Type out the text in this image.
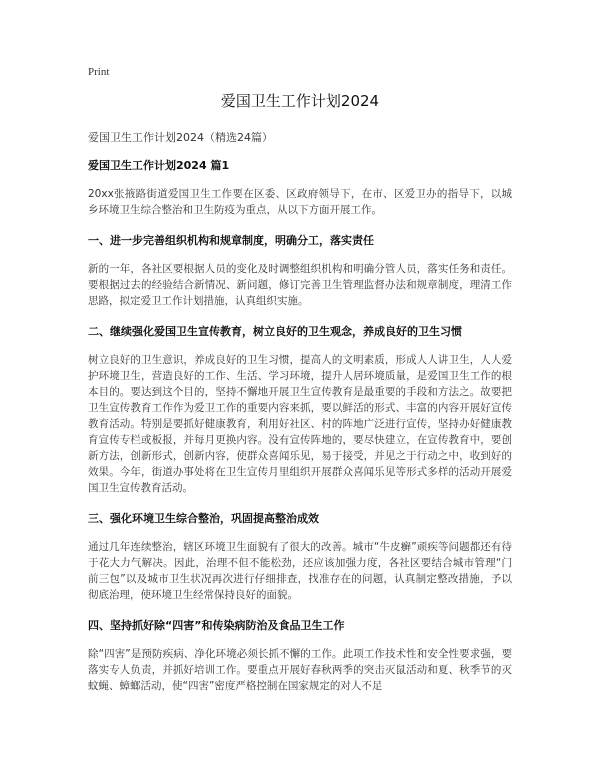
Print
爱国卫生工作计划2024

爱国卫生工作计划2024（精选24篇）

爱国卫生工作计划2024 篇1

20xx张掖路街道爱国卫生工作要在区委、区政府领导下，在市、区爱卫办的指导下，以城乡环境卫生综合整治和卫生防疫为重点，从以下方面开展工作。

一、进一步完善组织机构和规章制度，明确分工，落实责任

新的一年，各社区要根据人员的变化及时调整组织机构和明确分管人员，落实任务和责任。要根据过去的经验结合新情况、新问题，修订完善卫生管理监督办法和规章制度，理清工作思路，拟定爱卫工作计划措施，认真组织实施。

二、继续强化爱国卫生宣传教育，树立良好的卫生观念，养成良好的卫生习惯

树立良好的卫生意识，养成良好的卫生习惯，提高人的文明素质，形成人人讲卫生，人人爱护环境卫生，营造良好的工作、生活、学习环境，提升人居环境质量，是爱国卫生工作的根本目的。要达到这个目的，坚持不懈地开展卫生宣传教育是最重要的手段和方法之。故要把卫生宣传教育工作作为爱卫工作的重要内容来抓，要以鲜活的形式、丰富的内容开展好宣传教育活动。特别是要抓好健康教育，利用好社区、村的阵地广泛进行宣传，坚持办好健康教育宣传专栏或板报，并每月更换内容。没有宣传阵地的，要尽快建立，在宣传教育中，要创新方法，创新形式，创新内容，使群众喜闻乐见，易于接受，并见之于行动之中，收到好的效果。今年，街道办事处将在卫生宣传月里组织开展群众喜闻乐见等形式多样的活动开展爱国卫生宣传教育活动。

三、强化环境卫生综合整治，巩固提高整治成效

通过几年连续整治，辖区环境卫生面貌有了很大的改善。城市“牛皮癣”顽疾等问题都还有待于花大力气解决。因此，治理不但不能松劲，还应该加强力度，各社区要结合城市管理“门前三包”以及城市卫生状况再次进行仔细排查，找准存在的问题，认真制定整改措施，予以彻底治理，使环境卫生经常保持良好的面貌。

四、坚持抓好除“四害”和传染病防治及食品卫生工作

除“四害”是预防疾病、净化环境必须长抓不懈的工作。此项工作技术性和安全性要求强，要落实专人负责，并抓好培训工作。要重点开展好春秋两季的突击灭鼠活动和夏、秋季节的灭蚊蝇、蟑螂活动，使“四害”密度严格控制在国家规定的对人不足
